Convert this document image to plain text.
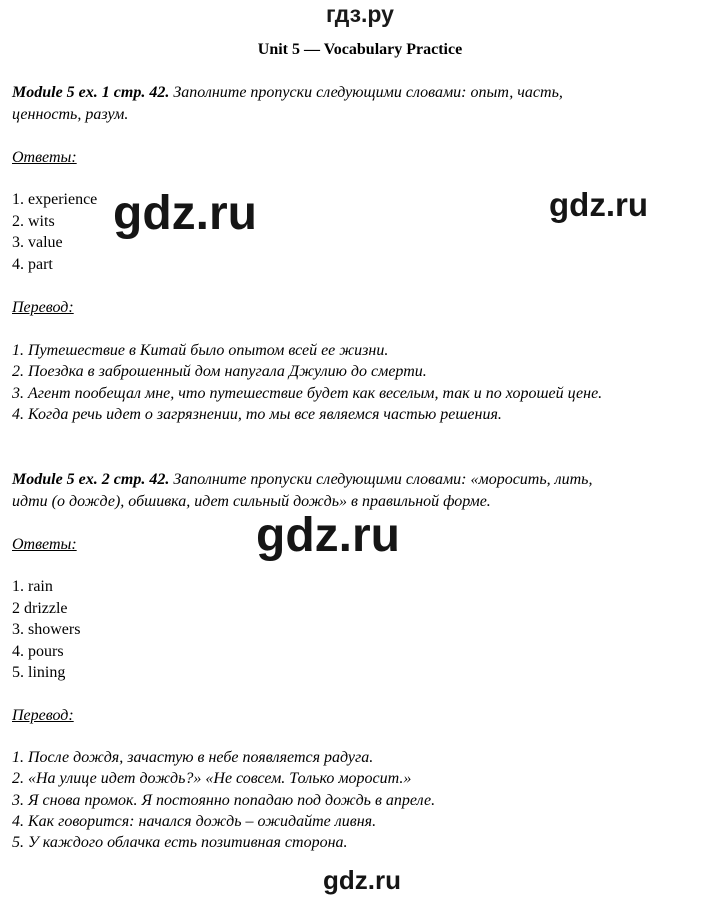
гдз.ру
Unit 5 — Vocabulary Practice
Module 5 ex. 1 стр. 42. Заполните пропуски следующими словами: опыт, часть,
ценность, разум.
Ответы:
1. experience
2. wits
3. value
4. part
Перевод:
1. Путешествие в Китай было опытом всей ее жизни.
2. Поездка в заброшенный дом напугала Джулию до смерти.
3. Агент пообещал мне, что путешествие будет как веселым, так и по хорошей цене.
4. Когда речь идет о загрязнении, то мы все являемся частью решения.
Module 5 ex. 2 стр. 42. Заполните пропуски следующими словами: «моросить, лить,
идти (о дожде), обшивка, идет сильный дождь» в правильной форме.
Ответы:
1. rain
2 drizzle
3. showers
4. pours
5. lining
Перевод:
1. После дождя, зачастую в небе появляется радуга.
2. «На улице идет дождь?» «Не совсем. Только моросит.»
3. Я снова промок. Я постоянно попадаю под дождь в апреле.
4. Как говорится: начался дождь – ожидайте ливня.
5. У каждого облачка есть позитивная сторона.
gdz.ru	gdz.ru
gdz.ru
gdz.ru
